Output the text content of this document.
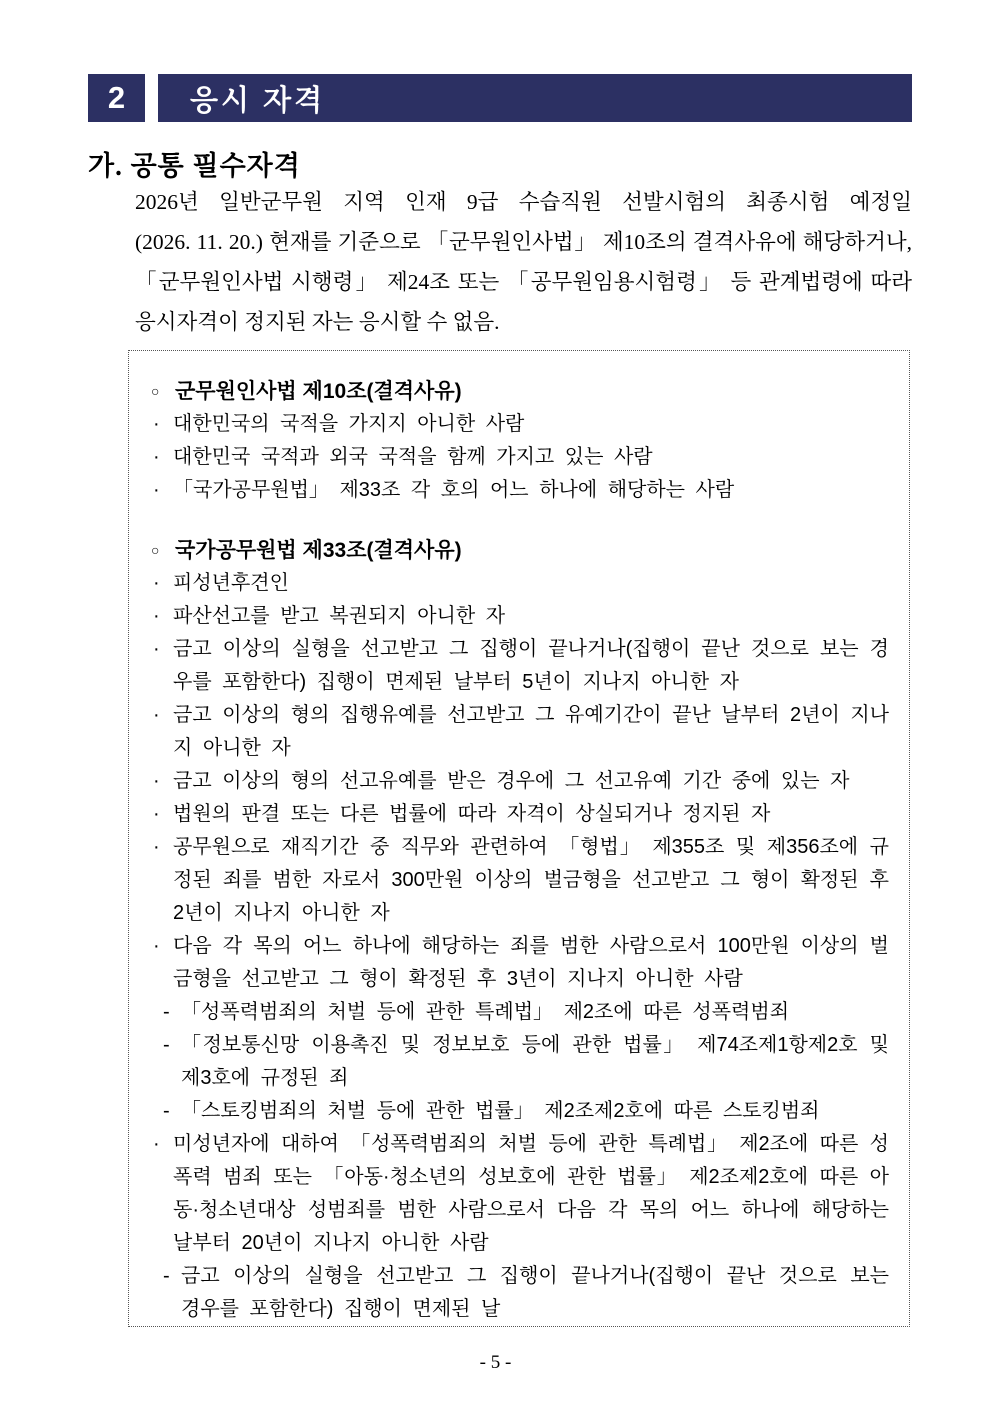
2 응시 자격
가. 공통 필수자격
2026년 일반군무원 지역 인재 9급 수습직원 선발시험의 최종시험 예정일
(2026. 11. 20.) 현재를 기준으로 「군무원인사법」 제10조의 결격사유에 해당하거나,
「군무원인사법 시행령」 제24조 또는 「공무원임용시험령」 등 관계법령에 따라
응시자격이 정지된 자는 응시할 수 없음.
○ 군무원인사법 제10조(결격사유)
· 대한민국의 국적을 가지지 아니한 사람
· 대한민국 국적과 외국 국적을 함께 가지고 있는 사람
· 「국가공무원법」 제33조 각 호의 어느 하나에 해당하는 사람
○ 국가공무원법 제33조(결격사유)
· 피성년후견인
· 파산선고를 받고 복권되지 아니한 자
· 금고 이상의 실형을 선고받고 그 집행이 끝나거나(집행이 끝난 것으로 보는 경우를 포함한다) 집행이 면제된 날부터 5년이 지나지 아니한 자
· 금고 이상의 형의 집행유예를 선고받고 그 유예기간이 끝난 날부터 2년이 지나지 아니한 자
· 금고 이상의 형의 선고유예를 받은 경우에 그 선고유예 기간 중에 있는 자
· 법원의 판결 또는 다른 법률에 따라 자격이 상실되거나 정지된 자
· 공무원으로 재직기간 중 직무와 관련하여 「형법」 제355조 및 제356조에 규정된 죄를 범한 자로서 300만원 이상의 벌금형을 선고받고 그 형이 확정된 후 2년이 지나지 아니한 자
· 다음 각 목의 어느 하나에 해당하는 죄를 범한 사람으로서 100만원 이상의 벌금형을 선고받고 그 형이 확정된 후 3년이 지나지 아니한 사람
- 「성폭력범죄의 처벌 등에 관한 특례법」 제2조에 따른 성폭력범죄
- 「정보통신망 이용촉진 및 정보보호 등에 관한 법률」 제74조제1항제2호 및 제3호에 규정된 죄
- 「스토킹범죄의 처벌 등에 관한 법률」 제2조제2호에 따른 스토킹범죄
· 미성년자에 대하여 「성폭력범죄의 처벌 등에 관한 특례법」 제2조에 따른 성폭력 범죄 또는 「아동·청소년의 성보호에 관한 법률」 제2조제2호에 따른 아동·청소년대상 성범죄를 범한 사람으로서 다음 각 목의 어느 하나에 해당하는 날부터 20년이 지나지 아니한 사람
- 금고 이상의 실형을 선고받고 그 집행이 끝나거나(집행이 끝난 것으로 보는 경우를 포함한다) 집행이 면제된 날
- 5 -
